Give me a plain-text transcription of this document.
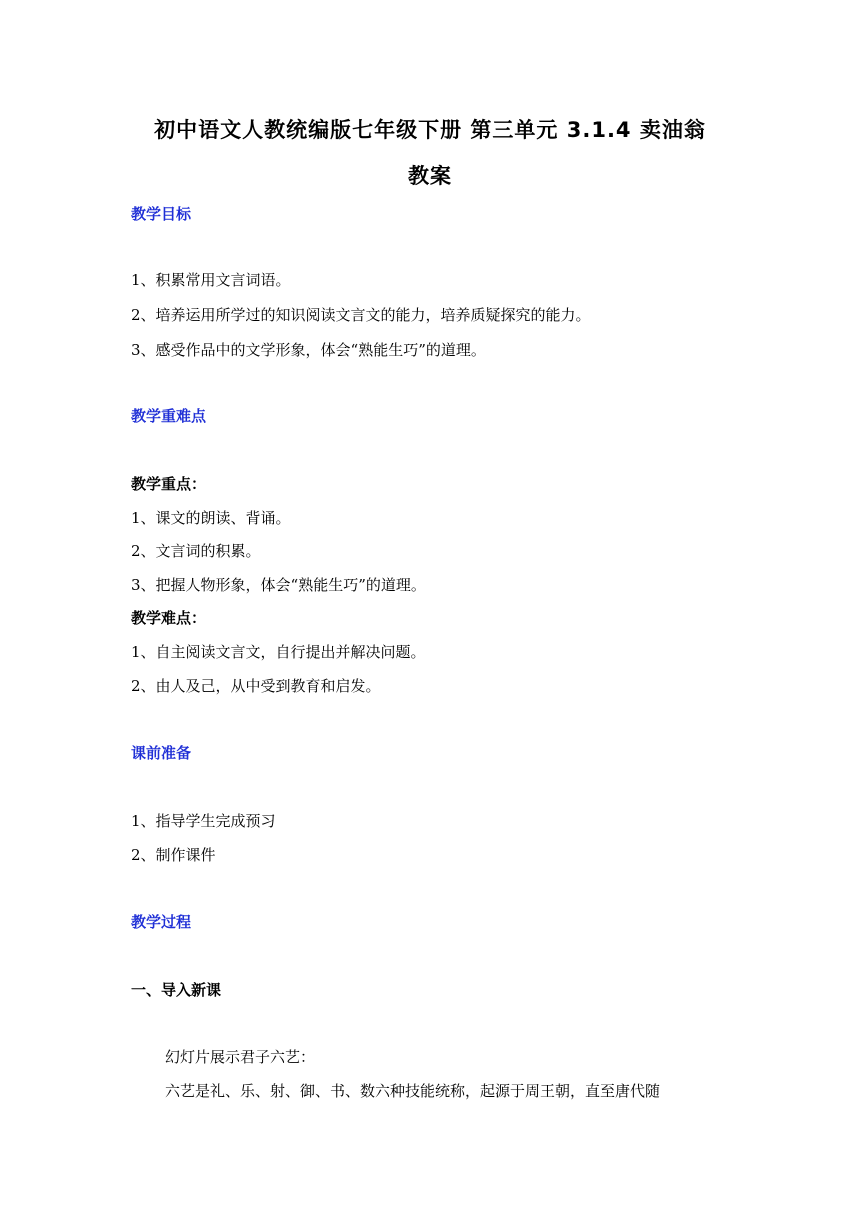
初中语文人教统编版七年级下册 第三单元 3.1.4 卖油翁
教案
教学目标
1、积累常用文言词语。
2、培养运用所学过的知识阅读文言文的能力，培养质疑探究的能力。
3、感受作品中的文学形象，体会“熟能生巧”的道理。
教学重难点
教学重点：
1、课文的朗读、背诵。
2、文言词的积累。
3、把握人物形象，体会“熟能生巧”的道理。
教学难点：
1、自主阅读文言文，自行提出并解决问题。
2、由人及己，从中受到教育和启发。
课前准备
1、指导学生完成预习
2、制作课件
教学过程
一、导入新课
幻灯片展示君子六艺：
六艺是礼、乐、射、御、书、数六种技能统称，起源于周王朝，直至唐代随
